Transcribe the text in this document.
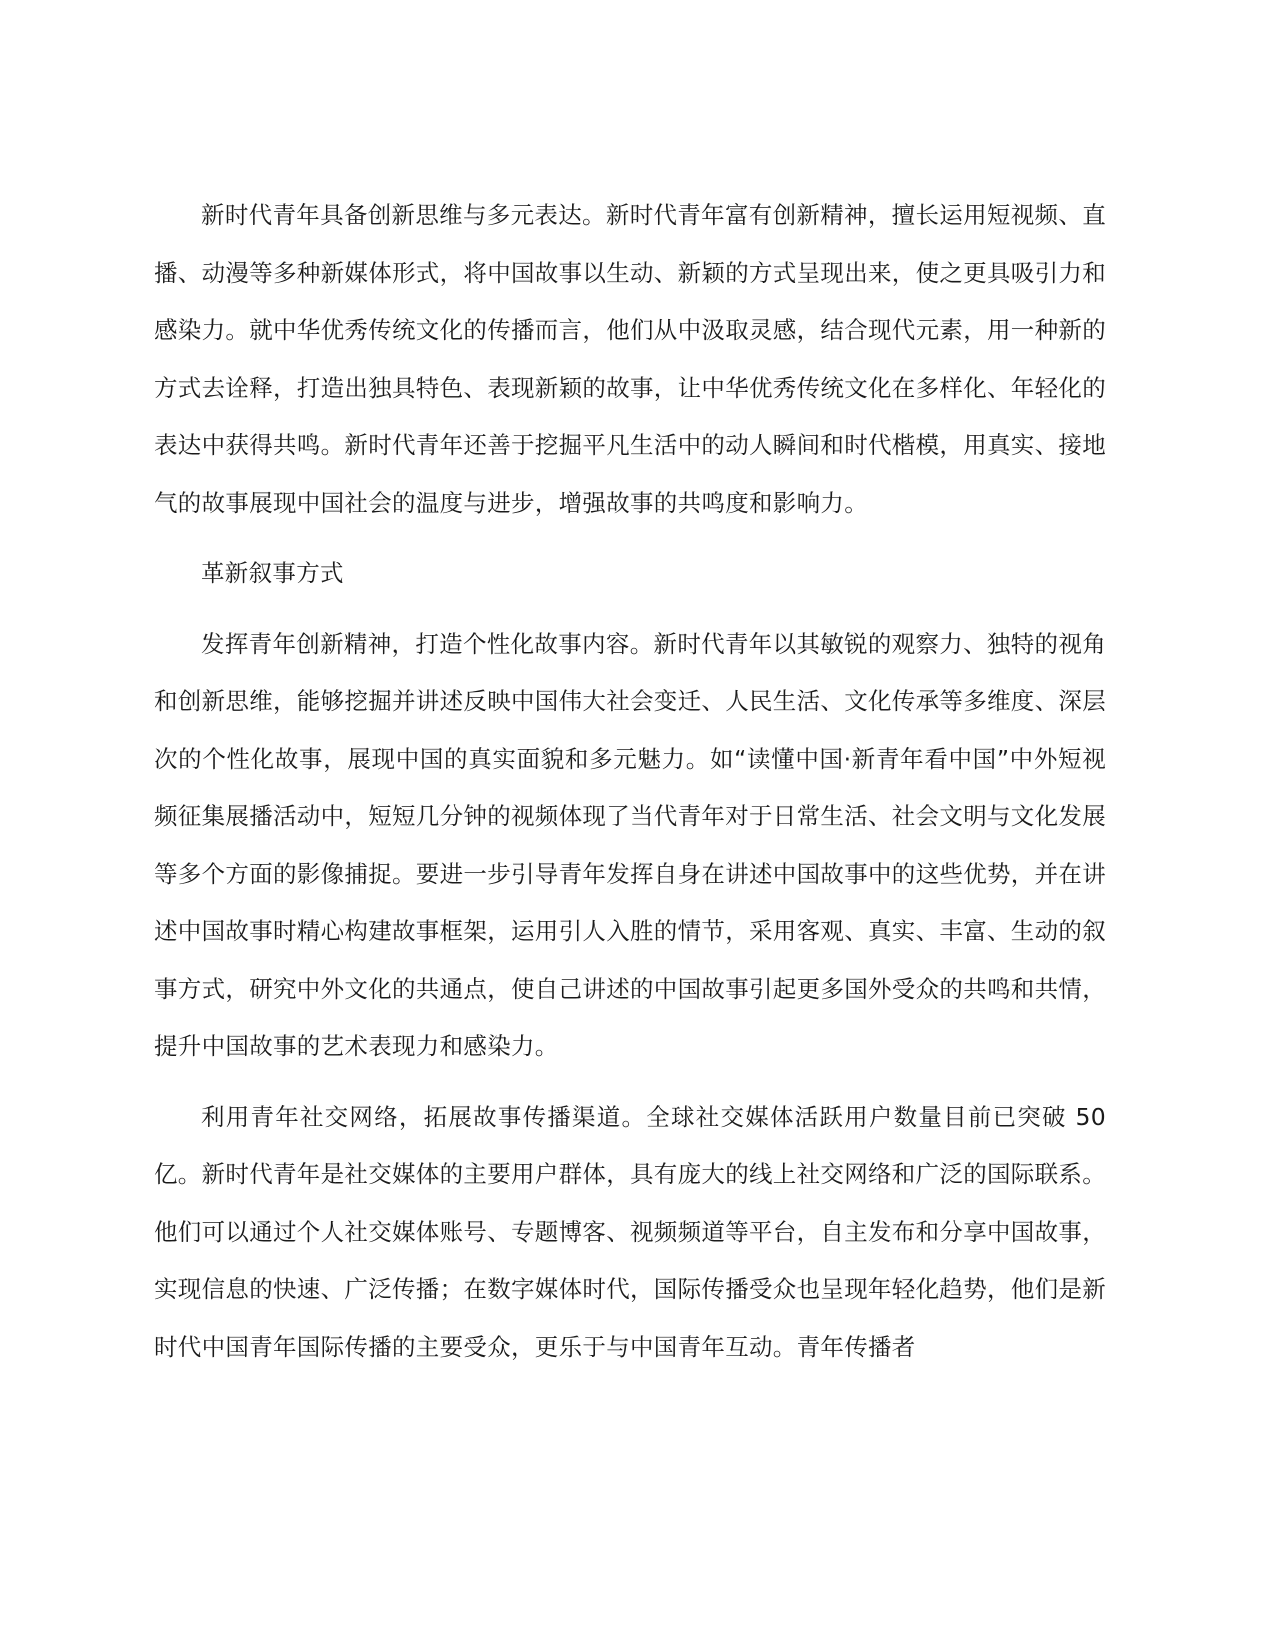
新时代青年具备创新思维与多元表达。新时代青年富有创新精神，擅长运用短视频、直播、动漫等多种新媒体形式，将中国故事以生动、新颖的方式呈现出来，使之更具吸引力和感染力。就中华优秀传统文化的传播而言，他们从中汲取灵感，结合现代元素，用一种新的方式去诠释，打造出独具特色、表现新颖的故事，让中华优秀传统文化在多样化、年轻化的表达中获得共鸣。新时代青年还善于挖掘平凡生活中的动人瞬间和时代楷模，用真实、接地气的故事展现中国社会的温度与进步，增强故事的共鸣度和影响力。

革新叙事方式

发挥青年创新精神，打造个性化故事内容。新时代青年以其敏锐的观察力、独特的视角和创新思维，能够挖掘并讲述反映中国伟大社会变迁、人民生活、文化传承等多维度、深层次的个性化故事，展现中国的真实面貌和多元魅力。如“读懂中国·新青年看中国”中外短视频征集展播活动中，短短几分钟的视频体现了当代青年对于日常生活、社会文明与文化发展等多个方面的影像捕捉。要进一步引导青年发挥自身在讲述中国故事中的这些优势，并在讲述中国故事时精心构建故事框架，运用引人入胜的情节，采用客观、真实、丰富、生动的叙事方式，研究中外文化的共通点，使自己讲述的中国故事引起更多国外受众的共鸣和共情，提升中国故事的艺术表现力和感染力。

利用青年社交网络，拓展故事传播渠道。全球社交媒体活跃用户数量目前已突破 50 亿。新时代青年是社交媒体的主要用户群体，具有庞大的线上社交网络和广泛的国际联系。他们可以通过个人社交媒体账号、专题博客、视频频道等平台，自主发布和分享中国故事，实现信息的快速、广泛传播；在数字媒体时代，国际传播受众也呈现年轻化趋势，他们是新时代中国青年国际传播的主要受众，更乐于与中国青年互动。青年传播者
